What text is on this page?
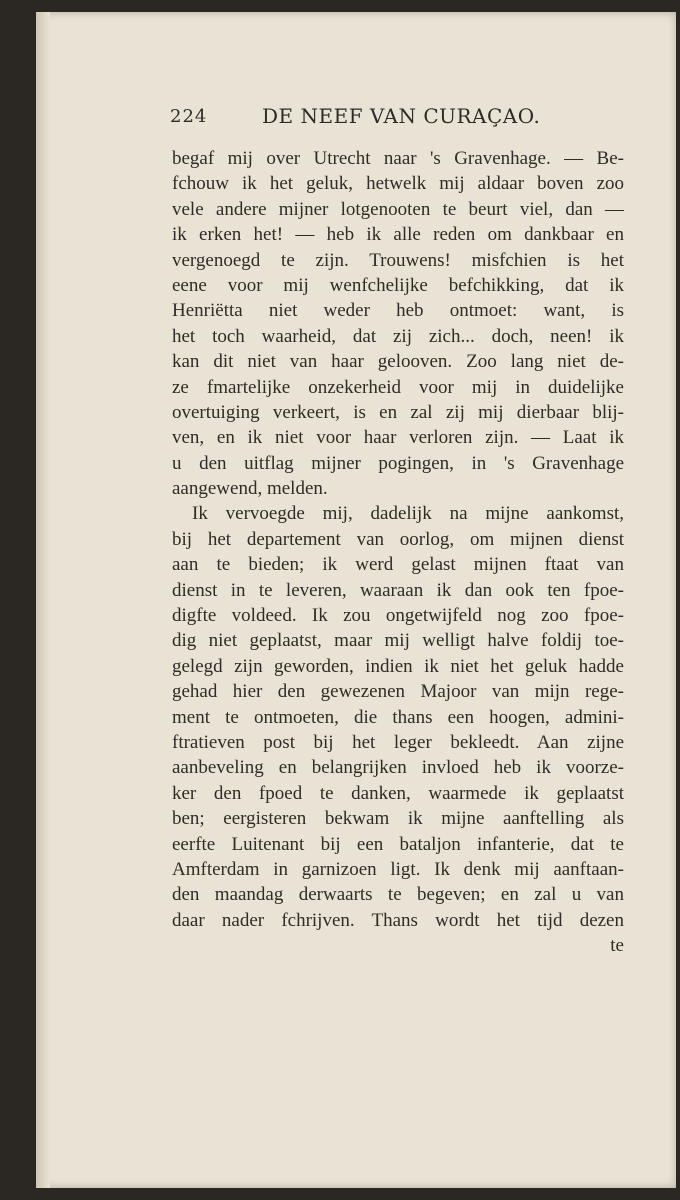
224	DE NEEF VAN CURAÇAO.
begaf mij over Utrecht naar 's Gravenhage. — Be-
fchouw ik het geluk, hetwelk mij aldaar boven zoo
vele andere mijner lotgenooten te beurt viel, dan —
ik erken het! — heb ik alle reden om dankbaar en
vergenoegd te zijn. Trouwens! misfchien is het
eene voor mij wenfchelijke befchikking, dat ik
Henriëtta niet weder heb ontmoet: want, is
het toch waarheid, dat zij zich... doch, neen! ik
kan dit niet van haar gelooven. Zoo lang niet de-
ze fmartelijke onzekerheid voor mij in duidelijke
overtuiging verkeert, is en zal zij mij dierbaar blij-
ven, en ik niet voor haar verloren zijn. — Laat ik
u den uitflag mijner pogingen, in 's Gravenhage
aangewend, melden.
Ik vervoegde mij, dadelijk na mijne aankomst,
bij het departement van oorlog, om mijnen dienst
aan te bieden; ik werd gelast mijnen ftaat van
dienst in te leveren, waaraan ik dan ook ten fpoe-
digfte voldeed. Ik zou ongetwijfeld nog zoo fpoe-
dig niet geplaatst, maar mij welligt halve foldij toe-
gelegd zijn geworden, indien ik niet het geluk hadde
gehad hier den gewezenen Majoor van mijn rege-
ment te ontmoeten, die thans een hoogen, admini-
ftratieven post bij het leger bekleedt. Aan zijne
aanbeveling en belangrijken invloed heb ik voorze-
ker den fpoed te danken, waarmede ik geplaatst
ben; eergisteren bekwam ik mijne aanftelling als
eerfte Luitenant bij een bataljon infanterie, dat te
Amfterdam in garnizoen ligt. Ik denk mij aanftaan-
den maandag derwaarts te begeven; en zal u van
daar nader fchrijven. Thans wordt het tijd dezen
te
